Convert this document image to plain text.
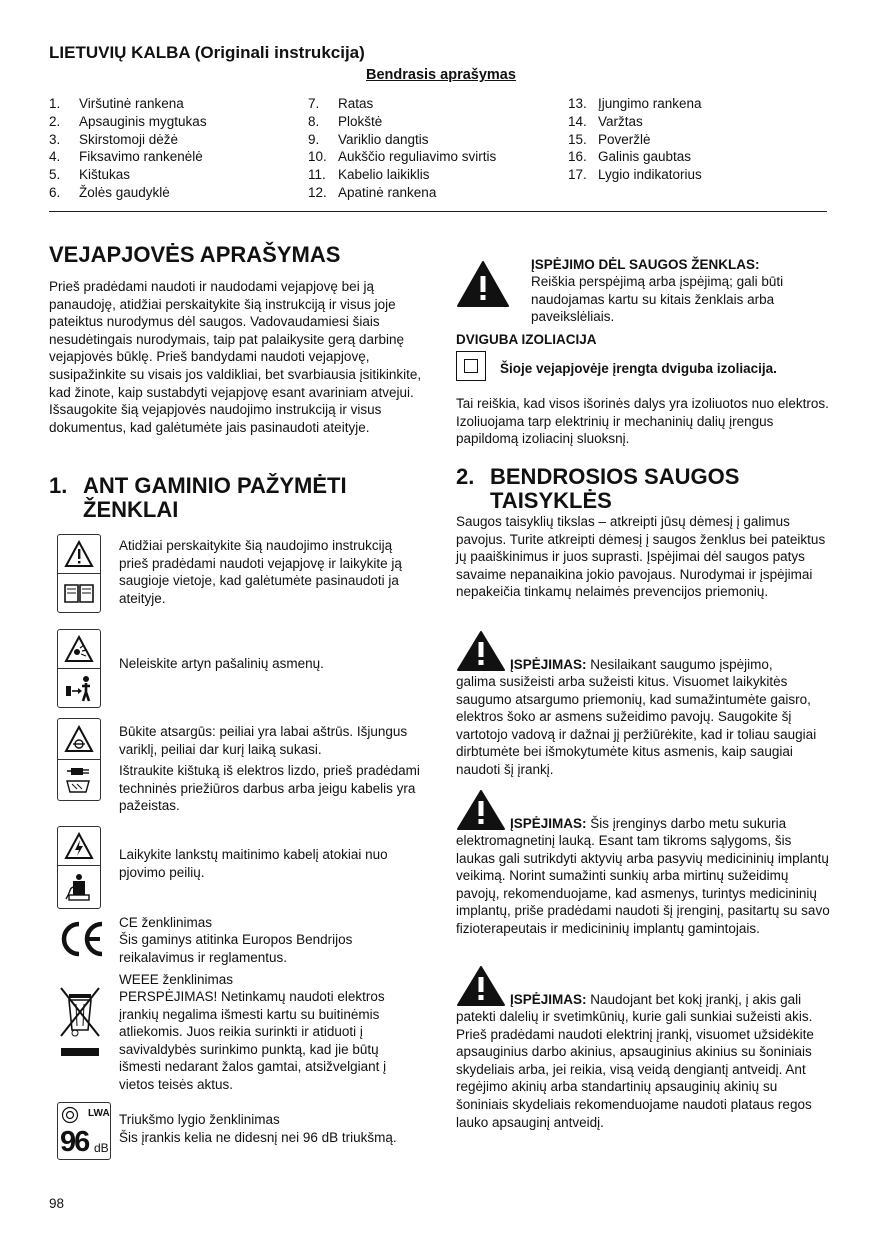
LIETUVIŲ KALBA (Originali instrukcija)
Bendrasis aprašymas
1.	Viršutinė rankena
2.	Apsauginis mygtukas
3.	Skirstomoji dėžė
4.	Fiksavimo rankenėlė
5.	Kištukas
6.	Žolės gaudyklė
7.	Ratas
8.	Plokštė
9.	Variklio dangtis
10. Aukščio reguliavimo svirtis
11. Kabelio laikiklis
12. Apatinė rankena
13. Įjungimo rankena
14. Varžtas
15. Poveržlė
16. Galinis gaubtas
17. Lygio indikatorius
VEJAPJOVĖS APRAŠYMAS
Prieš pradėdami naudoti ir naudodami vejapjovę bei ją panaudoję, atidžiai perskaitykite šią instrukciją ir visus joje pateiktus nurodymus dėl saugos. Vadovaudamiesi šiais nesudėtingais nurodymais, taip pat palaikysite gerą darbinę vejapjovės būklę. Prieš bandydami naudoti vejapjovę, susipažinkite su visais jos valdikliai, bet svarbiausia įsitikinkite, kad žinote, kaip sustabdyti vejapjovę esant avariniam atvejui. Išsaugokite šią vejapjovės naudojimo instrukciją ir visus dokumentus, kad galėtumėte jais pasinaudoti ateityje.
1. ANT GAMINIO PAŽYMĖTI ŽENKLAI
Atidžiai perskaitykite šią naudojimo instrukciją prieš pradėdami naudoti vejapjovę ir laikykite ją saugioje vietoje, kad galėtumėte pasinaudoti ja ateityje.
Neleiskite artyn pašalinių asmenų.
Būkite atsargūs: peiliai yra labai aštrūs. Išjungus variklį, peiliai dar kurį laiką sukasi.
Ištraukite kištuką iš elektros lizdo, prieš pradėdami techninės priežiūros darbus arba jeigu kabelis yra pažeistas.
Laikykite lankstų maitinimo kabelį atokiai nuo pjovimo peilių.
CE ženklinimas
Šis gaminys atitinka Europos Bendrijos reikalavimus ir reglamentus.
WEEE ženklinimas
PERSPĖJIMAS! Netinkamų naudoti elektros įrankių negalima išmesti kartu su buitinėmis atliekomis. Juos reikia surinkti ir atiduoti į savivaldybės surinkimo punktą, kad jie būtų išmesti nedarant žalos gamtai, atsižvelgiant į vietos teisės aktus.
LWA
96 dB
Triukšmo lygio ženklinimas
Šis įrankis kelia ne didesnį nei 96 dB triukšmą.
ĮSPĖJIMO DĖL SAUGOS ŽENKLAS:
Reiškia perspėjimą arba įspėjimą; gali būti naudojamas kartu su kitais ženklais arba paveikslėliais.
DVIGUBA IZOLIACIJA
Šioje vejapjovėje įrengta dviguba izoliacija.
Tai reiškia, kad visos išorinės dalys yra izoliuotos nuo elektros. Izoliuojama tarp elektrinių ir mechaninių dalių įrengus papildomą izoliacinį sluoksnį.
2. BENDROSIOS SAUGOS TAISYKLĖS
Saugos taisyklių tikslas – atkreipti jūsų dėmesį į galimus pavojus. Turite atkreipti dėmesį į saugos ženklus bei pateiktus jų paaiškinimus ir juos suprasti. Įspėjimai dėl saugos patys savaime nepanaikina jokio pavojaus. Nurodymai ir įspėjimai nepakeičia tinkamų nelaimės prevencijos priemonių.
ĮSPĖJIMAS: Nesilaikant saugumo įspėjimo,
galima susižeisti arba sužeisti kitus. Visuomet laikykitės saugumo atsargumo priemonių, kad sumažintumėte gaisro, elektros šoko ar asmens sužeidimo pavojų. Saugokite šį vartotojo vadovą ir dažnai jį peržiūrėkite, kad ir toliau saugiai dirbtumėte bei išmokytumėte kitus asmenis, kaip saugiai naudoti šį įrankį.
ĮSPĖJIMAS: Šis įrenginys darbo metu sukuria
elektromagnetinį lauką. Esant tam tikroms sąlygoms, šis laukas gali sutrikdyti aktyvių arba pasyvių medicininių implantų veikimą. Norint sumažinti sunkių arba mirtinų sužeidimų pavojų, rekomenduojame, kad asmenys, turintys medicininių implantų, priše pradėdami naudoti šį įrenginį, pasitartų su savo fizioterapeutais ir medicininių implantų gamintojais.
ĮSPĖJIMAS: Naudojant bet kokį įrankį, į akis gali
patekti dalelių ir svetimkūnių, kurie gali sunkiai sužeisti akis. Prieš pradėdami naudoti elektrinį įrankį, visuomet užsidėkite apsauginius darbo akinius, apsauginius akinius su šoniniais skydeliais arba, jei reikia, visą veidą dengiantį antveidį. Ant regėjimo akinių arba standartinių apsauginių akinių su šoniniais skydeliais rekomenduojame naudoti plataus regos lauko apsauginį antveidį.
98
